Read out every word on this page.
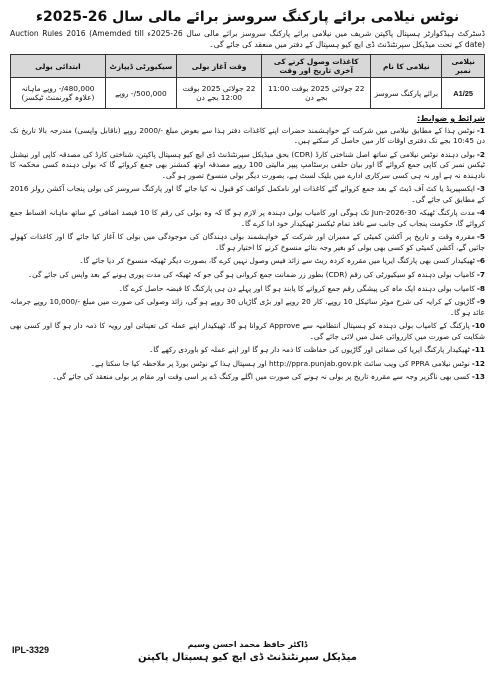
نوٹس نیلامی برائے پارکنگ سروسز برائے مالی سال 26-2025ء
ڈسٹرکٹ ہیڈکوارٹر ہسپتال پاکپتن شریف میں نیلامی برائے پارکنگ سروسز برائے مالی سال 26-2025ء Auction Rules 2016 (Amemded till date) کے تحت میڈیکل سپرنٹنڈنٹ ڈی ایچ کیو ہسپتال کے دفتر میں منعقد کی جائے گی۔
نیلامی نمبر	نیلامی کا نام	کاغذات وصول کرنے کی آخری تاریخ اور وقت	وقت آغاز بولی	سیکیورٹی ڈیپازٹ	ابتدائی بولی
A1/25	برائے پارکنگ سروسز	22 جولائی 2025 بوقت 11:00 بجے دن	22 جولائی 2025 بوقت 12:00 بجے دن	500,000/- روپے	480,000/- روپے ماہانہ (علاوہ گورنمنٹ ٹیکسز)
شرائط و ضوابط:
1-نوٹس ہذا کے مطابق نیلامی میں شرکت کے خواہشمند حضرات اپنے کاغذات دفتر ہذا سے بعوض مبلغ -/2000 روپے (ناقابل واپسی) مندرجہ بالا تاریخ تک دن 10:45 بجے تک دفتری اوقات کار میں حاصل کر سکتے ہیں۔
2-بولی دہندہ نوٹس نیلامی کے ساتھ اصل شناختی کارڈ (CDR) بحق میڈیکل سپرنٹنڈنٹ ڈی ایچ کیو ہسپتال پاکپتن، شناختی کارڈ کی مصدقہ کاپی اور نیشنل ٹیکس نمبر کی کاپی جمع کروائے گا اور بیان حلفی برسٹامپ پیپر مالیتی 100 روپے مصدقہ اوتھ کمشنر بھی جمع کروائے گا کہ بولی دہندہ کسی محکمہ کا نادہندہ نہ ہے اور نہ ہی کسی سرکاری ادارے میں بلیک لسٹ ہے، بصورت دیگر بولی منسوخ تصور ہو گی۔
3-ایکسپیریڈ یا کٹ آف ڈیٹ کے بعد جمع کروائے گئے کاغذات اور نامکمل کوائف کو قبول نہ کیا جائے گا اور پارکنگ سروسز کی بولی پنجاب آکشن رولز 2016 کے مطابق کی جائے گی۔
4-مدت پارکنگ ٹھیکہ 30-Jun-2026 تک ہوگی اور کامیاب بولی دہندہ پر لازم ہو گا کہ وہ بولی کی رقم کا 10 فیصد اضافی کے ساتھ ماہانہ اقساط جمع کروائے گا، حکومت پنجاب کی جانب سے نافذ تمام ٹیکسز ٹھیکیدار خود ادا کرے گا۔
5-مقررہ وقت و تاریخ پر آکشن کمیٹی کے ممبران اور شرکت کے خواہشمند بولی دہندگان کی موجودگی میں بولی کا آغاز کیا جائے گا اور کاغذات کھولے جائیں گے، آکشن کمیٹی کو کسی بھی بولی کو بغیر وجہ بتائے منسوخ کرنے کا اختیار ہو گا۔
6-ٹھیکیدار کسی بھی پارکنگ ایریا میں مقررہ کردہ ریٹ سے زائد فیس وصول نہیں کرے گا، بصورت دیگر ٹھیکہ منسوخ کر دیا جائے گا۔
7-کامیاب بولی دہندہ کو سیکیورٹی کی رقم (CDR) بطور زر ضمانت جمع کروانی ہو گی جو کہ ٹھیکہ کی مدت پوری ہونے کے بعد واپس کی جائے گی۔
8-کامیاب بولی دہندہ ایک ماہ کی پیشگی رقم جمع کروانے کا پابند ہو گا اور پہلے دن ہی پارکنگ کا قبضہ حاصل کرے گا۔
9-گاڑیوں کے کرایہ کی شرح موٹر سائیکل 10 روپے، کار 20 روپے اور بڑی گاڑیاں 30 روپے ہو گی، زائد وصولی کی صورت میں مبلغ -/10,000 روپے جرمانہ عائد ہو گا۔
10-پارکنگ کے کامیاب بولی دہندہ کو ہسپتال انتظامیہ سے Approve کروانا ہو گا، ٹھیکیدار اپنے عملہ کی تعیناتی اور رویہ کا ذمہ دار ہو گا اور کسی بھی شکایت کی صورت میں کارروائی عمل میں لائی جائے گی۔
11-ٹھیکیدار پارکنگ ایریا کی صفائی اور گاڑیوں کی حفاظت کا ذمہ دار ہو گا اور اپنے عملہ کو باوردی رکھے گا۔
12-نوٹس نیلامی PPRA کی ویب سائٹ http://ppra.punjab.gov.pk اور ہسپتال ہذا کے نوٹس بورڈ پر ملاحظہ کیا جا سکتا ہے۔
13-کسی بھی ناگزیر وجہ سے مقررہ تاریخ پر بولی نہ ہونے کی صورت میں اگلے ورکنگ ڈے پر اسی وقت اور مقام پر بولی منعقد کی جائے گی۔
ڈاکٹر حافظ محمد احسن وسیم
میڈیکل سپرنٹنڈنٹ ڈی ایچ کیو ہسپتال پاکپتن
IPL-3329
